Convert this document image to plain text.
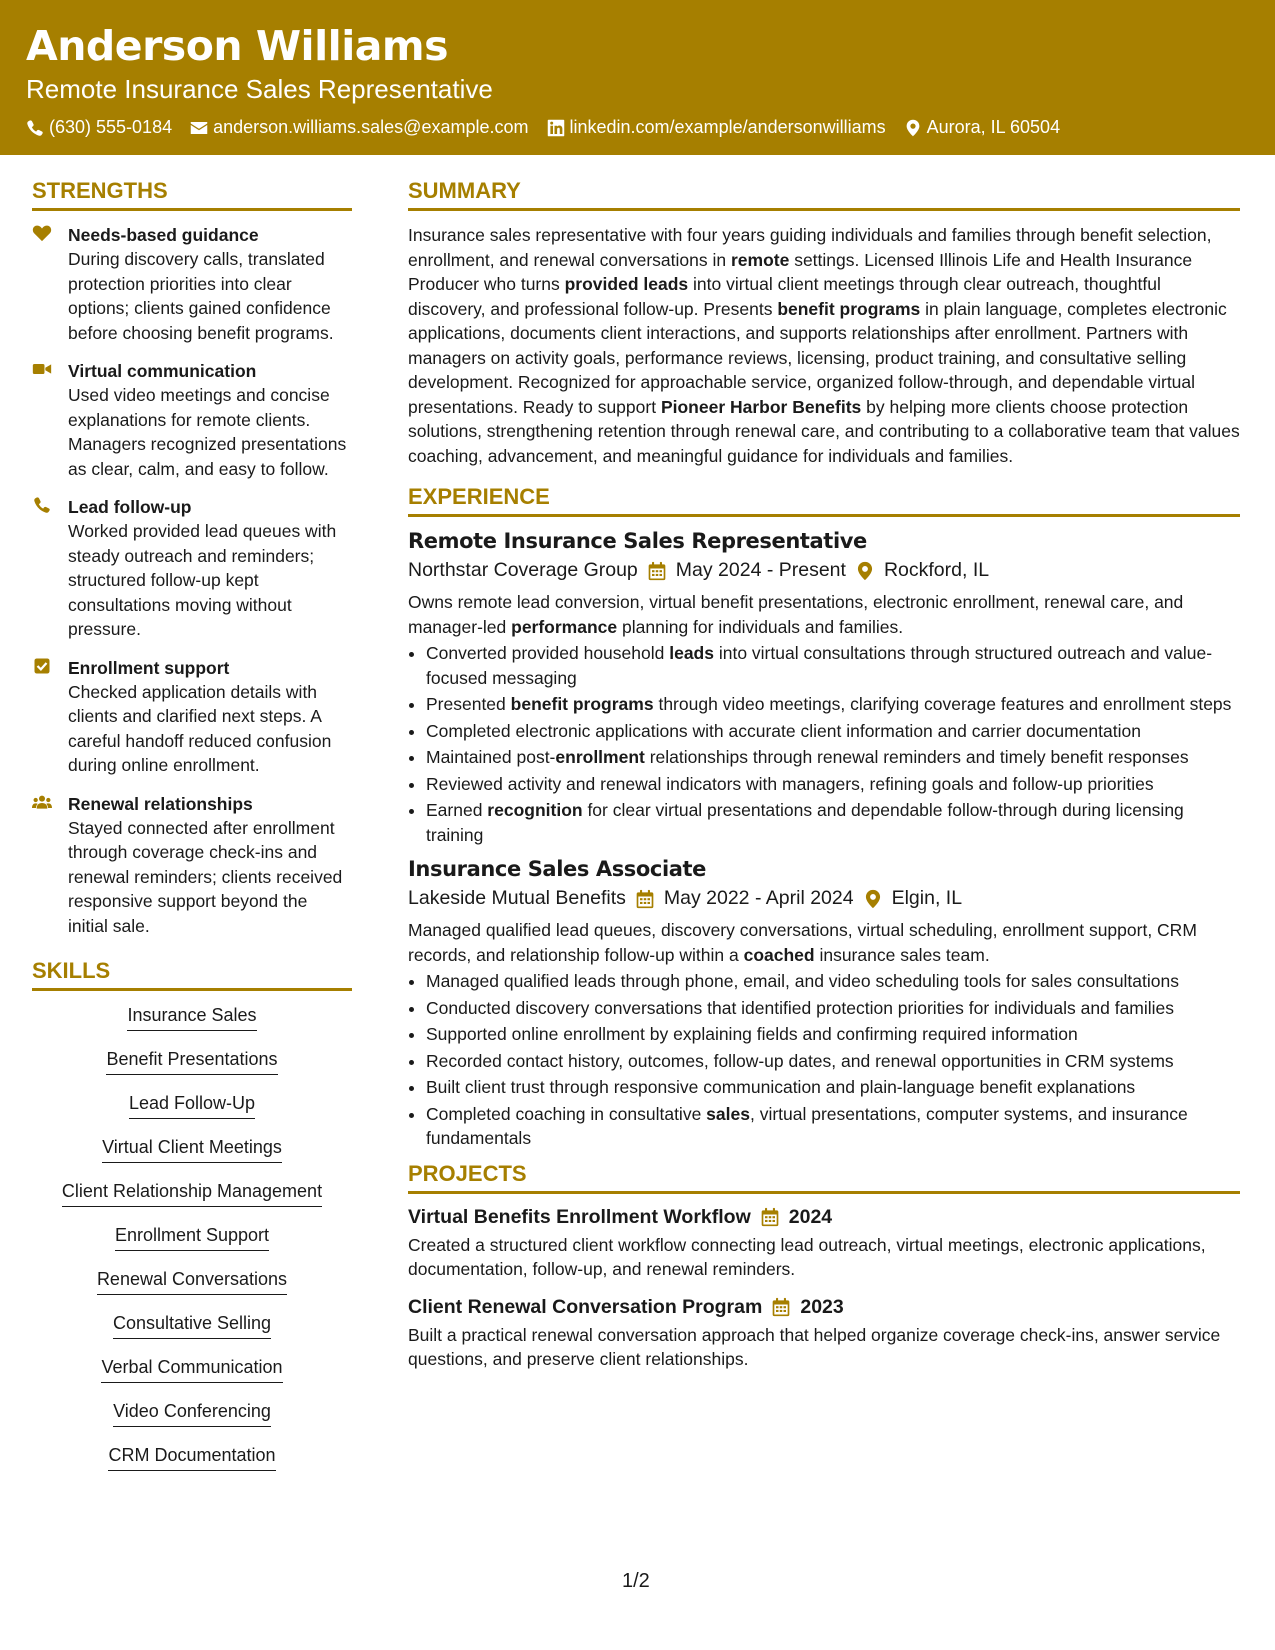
Anderson Williams
Remote Insurance Sales Representative
(630) 555-0184 anderson.williams.sales@example.com linkedin.com/example/andersonwilliams Aurora, IL 60504
STRENGTHS
Needs-based guidance
During discovery calls, translated protection priorities into clear options; clients gained confidence before choosing benefit programs.
Virtual communication
Used video meetings and concise explanations for remote clients. Managers recognized presentations as clear, calm, and easy to follow.
Lead follow-up
Worked provided lead queues with steady outreach and reminders; structured follow-up kept consultations moving without pressure.
Enrollment support
Checked application details with clients and clarified next steps. A careful handoff reduced confusion during online enrollment.
Renewal relationships
Stayed connected after enrollment through coverage check-ins and renewal reminders; clients received responsive support beyond the initial sale.
SKILLS
Insurance Sales
Benefit Presentations
Lead Follow-Up
Virtual Client Meetings
Client Relationship Management
Enrollment Support
Renewal Conversations
Consultative Selling
Verbal Communication
Video Conferencing
CRM Documentation
SUMMARY

Insurance sales representative with four years guiding individuals and families through benefit selection, enrollment, and renewal conversations in remote settings. Licensed Illinois Life and Health Insurance Producer who turns provided leads into virtual client meetings through clear outreach, thoughtful discovery, and professional follow-up. Presents benefit programs in plain language, completes electronic applications, documents client interactions, and supports relationships after enrollment. Partners with managers on activity goals, performance reviews, licensing, product training, and consultative selling development. Recognized for approachable service, organized follow-through, and dependable virtual presentations. Ready to support Pioneer Harbor Benefits by helping more clients choose protection solutions, strengthening retention through renewal care, and contributing to a collaborative team that values coaching, advancement, and meaningful guidance for individuals and families.

EXPERIENCE
Remote Insurance Sales Representative
Northstar Coverage Group May 2024 - Present Rockford, IL

Owns remote lead conversion, virtual benefit presentations, electronic enrollment, renewal care, and manager-led performance planning for individuals and families.

• Converted provided household leads into virtual consultations through structured outreach and value-focused messaging
• Presented benefit programs through video meetings, clarifying coverage features and enrollment steps
• Completed electronic applications with accurate client information and carrier documentation
• Maintained post-enrollment relationships through renewal reminders and timely benefit responses
• Reviewed activity and renewal indicators with managers, refining goals and follow-up priorities
• Earned recognition for clear virtual presentations and dependable follow-through during licensing training
Insurance Sales Associate
Lakeside Mutual Benefits May 2022 - April 2024 Elgin, IL

Managed qualified lead queues, discovery conversations, virtual scheduling, enrollment support, CRM records, and relationship follow-up within a coached insurance sales team.

• Managed qualified leads through phone, email, and video scheduling tools for sales consultations
• Conducted discovery conversations that identified protection priorities for individuals and families
• Supported online enrollment by explaining fields and confirming required information
• Recorded contact history, outcomes, follow-up dates, and renewal opportunities in CRM systems
• Built client trust through responsive communication and plain-language benefit explanations
• Completed coaching in consultative sales, virtual presentations, computer systems, and insurance fundamentals
PROJECTS
Virtual Benefits Enrollment Workflow 2024

Created a structured client workflow connecting lead outreach, virtual meetings, electronic applications, documentation, follow-up, and renewal reminders.

Client Renewal Conversation Program 2023

Built a practical renewal conversation approach that helped organize coverage check-ins, answer service questions, and preserve client relationships.

1/2
